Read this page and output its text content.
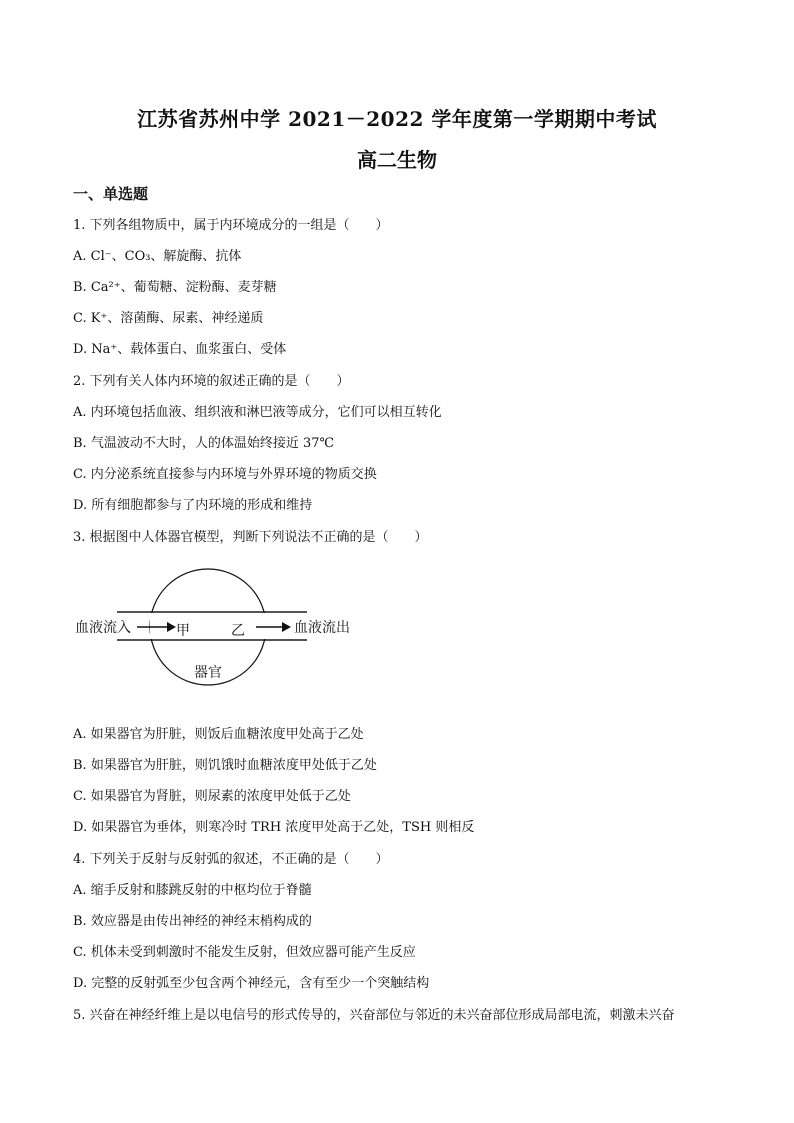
江苏省苏州中学 2021－2022 学年度第一学期期中考试
高二生物
一、单选题
1. 下列各组物质中，属于内环境成分的一组是（　　）
A. Cl⁻、CO₃、解旋酶、抗体
B. Ca²⁺、葡萄糖、淀粉酶、麦芽糖
C. K⁺、溶菌酶、尿素、神经递质
D. Na⁺、载体蛋白、血浆蛋白、受体
2. 下列有关人体内环境的叙述正确的是（　　）
A. 内环境包括血液、组织液和淋巴液等成分，它们可以相互转化
B. 气温波动不大时，人的体温始终接近 37℃
C. 内分泌系统直接参与内环境与外界环境的物质交换
D. 所有细胞都参与了内环境的形成和维持
3. 根据图中人体器官模型，判断下列说法不正确的是（　　）
血液流入	血液流出
甲	乙
器官
A. 如果器官为肝脏，则饭后血糖浓度甲处高于乙处
B. 如果器官为肝脏，则饥饿时血糖浓度甲处低于乙处
C. 如果器官为肾脏，则尿素的浓度甲处低于乙处
D. 如果器官为垂体，则寒冷时 TRH 浓度甲处高于乙处，TSH 则相反
4. 下列关于反射与反射弧的叙述，不正确的是（　　）
A. 缩手反射和膝跳反射的中枢均位于脊髓
B. 效应器是由传出神经的神经末梢构成的
C. 机体未受到刺激时不能发生反射，但效应器可能产生反应
D. 完整的反射弧至少包含两个神经元，含有至少一个突触结构
5. 兴奋在神经纤维上是以电信号的形式传导的，兴奋部位与邻近的未兴奋部位形成局部电流，刺激未兴奋
